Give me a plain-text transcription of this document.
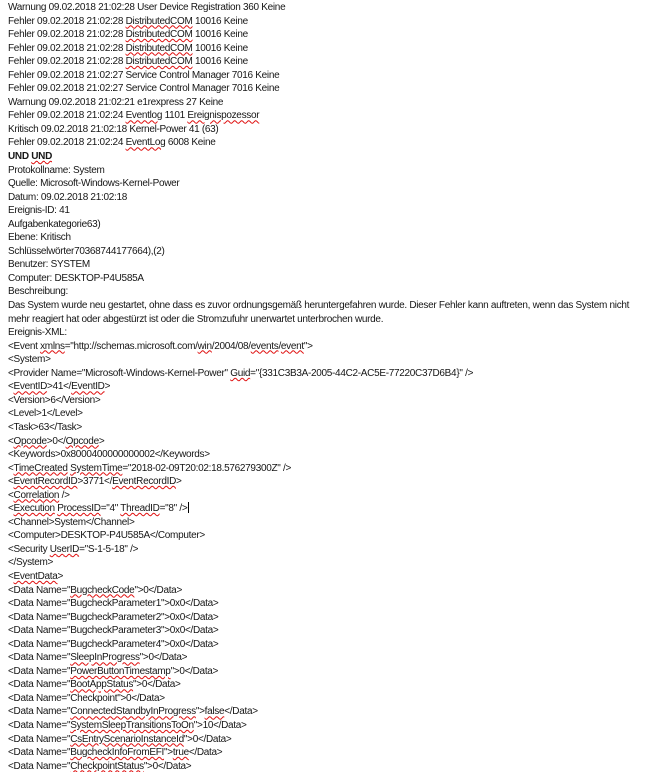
Warnung 09.02.2018 21:02:28 User Device Registration 360 Keine
Fehler 09.02.2018 21:02:28 DistributedCOM 10016 Keine
Fehler 09.02.2018 21:02:28 DistributedCOM 10016 Keine
Fehler 09.02.2018 21:02:28 DistributedCOM 10016 Keine
Fehler 09.02.2018 21:02:28 DistributedCOM 10016 Keine
Fehler 09.02.2018 21:02:27 Service Control Manager 7016 Keine
Fehler 09.02.2018 21:02:27 Service Control Manager 7016 Keine
Warnung 09.02.2018 21:02:21 e1rexpress 27 Keine
Fehler 09.02.2018 21:02:24 Eventlog 1101 Ereignispozessor
Kritisch 09.02.2018 21:02:18 Kernel-Power 41 (63)
Fehler 09.02.2018 21:02:24 EventLog 6008 Keine
UND UND
Protokollname: System
Quelle: Microsoft-Windows-Kernel-Power
Datum: 09.02.2018 21:02:18
Ereignis-ID: 41
Aufgabenkategorie63)
Ebene: Kritisch
Schlüsselwörter70368744177664),(2)
Benutzer: SYSTEM
Computer: DESKTOP-P4U585A
Beschreibung:
Das System wurde neu gestartet, ohne dass es zuvor ordnungsgemäß heruntergefahren wurde. Dieser Fehler kann auftreten, wenn das System nicht
mehr reagiert hat oder abgestürzt ist oder die Stromzufuhr unerwartet unterbrochen wurde.
Ereignis-XML:
<Event xmlns="http://schemas.microsoft.com/win/2004/08/events/event">
<System>
<Provider Name="Microsoft-Windows-Kernel-Power" Guid="{331C3B3A-2005-44C2-AC5E-77220C37D6B4}" />
<EventID>41</EventID>
<Version>6</Version>
<Level>1</Level>
<Task>63</Task>
<Opcode>0</Opcode>
<Keywords>0x8000400000000002</Keywords>
<TimeCreated SystemTime="2018-02-09T20:02:18.576279300Z" />
<EventRecordID>3771</EventRecordID>
<Correlation />
<Execution ProcessID="4" ThreadID="8" />
<Channel>System</Channel>
<Computer>DESKTOP-P4U585A</Computer>
<Security UserID="S-1-5-18" />
</System>
<EventData>
<Data Name="BugcheckCode">0</Data>
<Data Name="BugcheckParameter1">0x0</Data>
<Data Name="BugcheckParameter2">0x0</Data>
<Data Name="BugcheckParameter3">0x0</Data>
<Data Name="BugcheckParameter4">0x0</Data>
<Data Name="SleepInProgress">0</Data>
<Data Name="PowerButtonTimestamp">0</Data>
<Data Name="BootAppStatus">0</Data>
<Data Name="Checkpoint">0</Data>
<Data Name="ConnectedStandbyInProgress">false</Data>
<Data Name="SystemSleepTransitionsToOn">10</Data>
<Data Name="CsEntryScenarioInstanceId">0</Data>
<Data Name="BugcheckInfoFromEFI">true</Data>
<Data Name="CheckpointStatus">0</Data>
